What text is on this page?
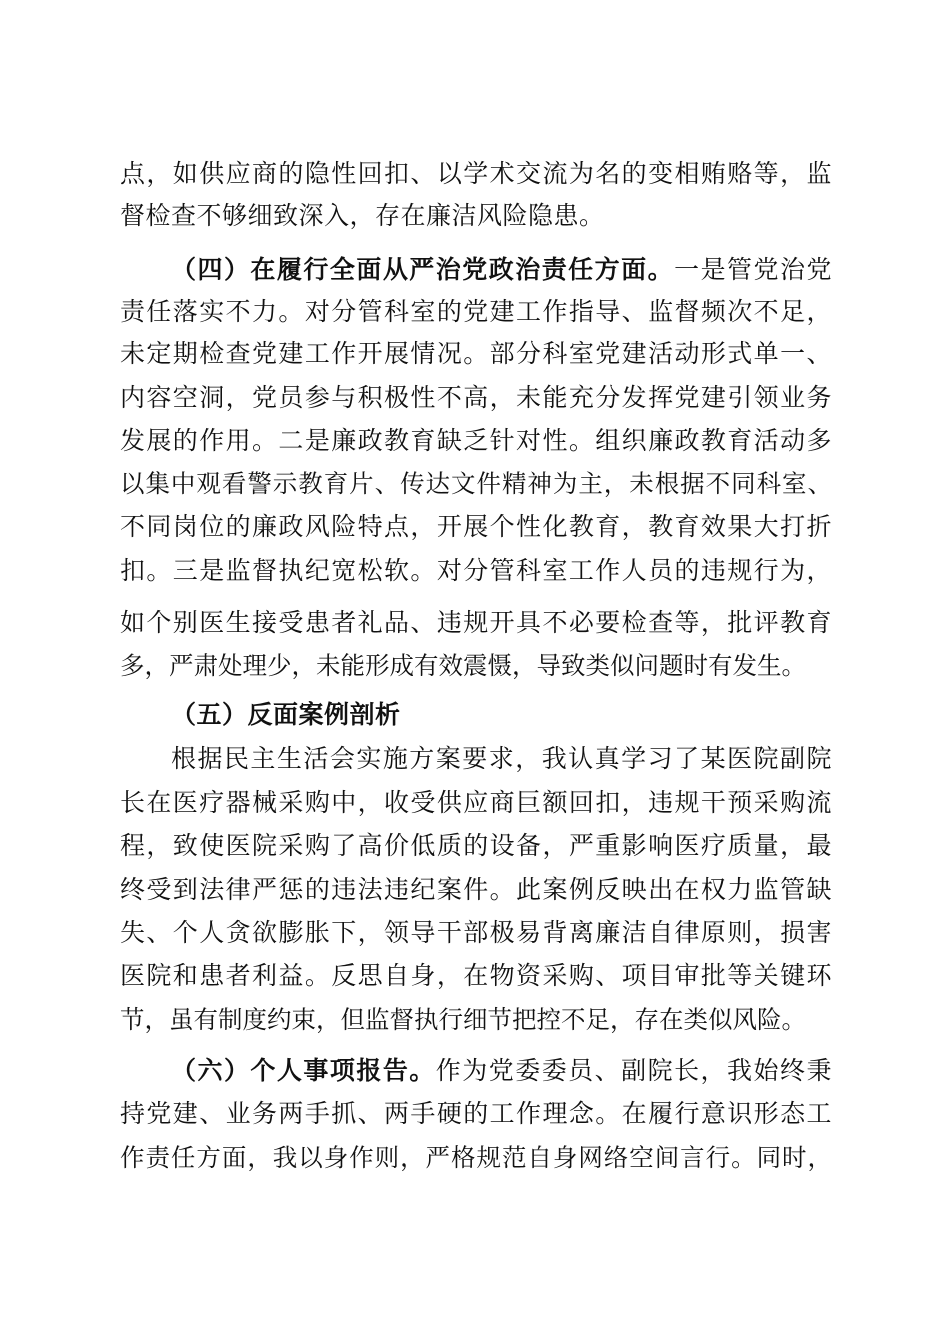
点，如供应商的隐性回扣、以学术交流为名的变相贿赂等，监
督检查不够细致深入，存在廉洁风险隐患。
（四）在履行全面从严治党政治责任方面。一是管党治党
责任落实不力。对分管科室的党建工作指导、监督频次不足，
未定期检查党建工作开展情况。部分科室党建活动形式单一、
内容空洞，党员参与积极性不高，未能充分发挥党建引领业务
发展的作用。二是廉政教育缺乏针对性。组织廉政教育活动多
以集中观看警示教育片、传达文件精神为主，未根据不同科室、
不同岗位的廉政风险特点，开展个性化教育，教育效果大打折
扣。三是监督执纪宽松软。对分管科室工作人员的违规行为，
如个别医生接受患者礼品、违规开具不必要检查等，批评教育
多，严肃处理少，未能形成有效震慑，导致类似问题时有发生。
（五）反面案例剖析
根据民主生活会实施方案要求，我认真学习了某医院副院
长在医疗器械采购中，收受供应商巨额回扣，违规干预采购流
程，致使医院采购了高价低质的设备，严重影响医疗质量，最
终受到法律严惩的违法违纪案件。此案例反映出在权力监管缺
失、个人贪欲膨胀下，领导干部极易背离廉洁自律原则，损害
医院和患者利益。反思自身，在物资采购、项目审批等关键环
节，虽有制度约束，但监督执行细节把控不足，存在类似风险。
（六）个人事项报告。作为党委委员、副院长，我始终秉
持党建、业务两手抓、两手硬的工作理念。在履行意识形态工
作责任方面，我以身作则，严格规范自身网络空间言行。同时，
